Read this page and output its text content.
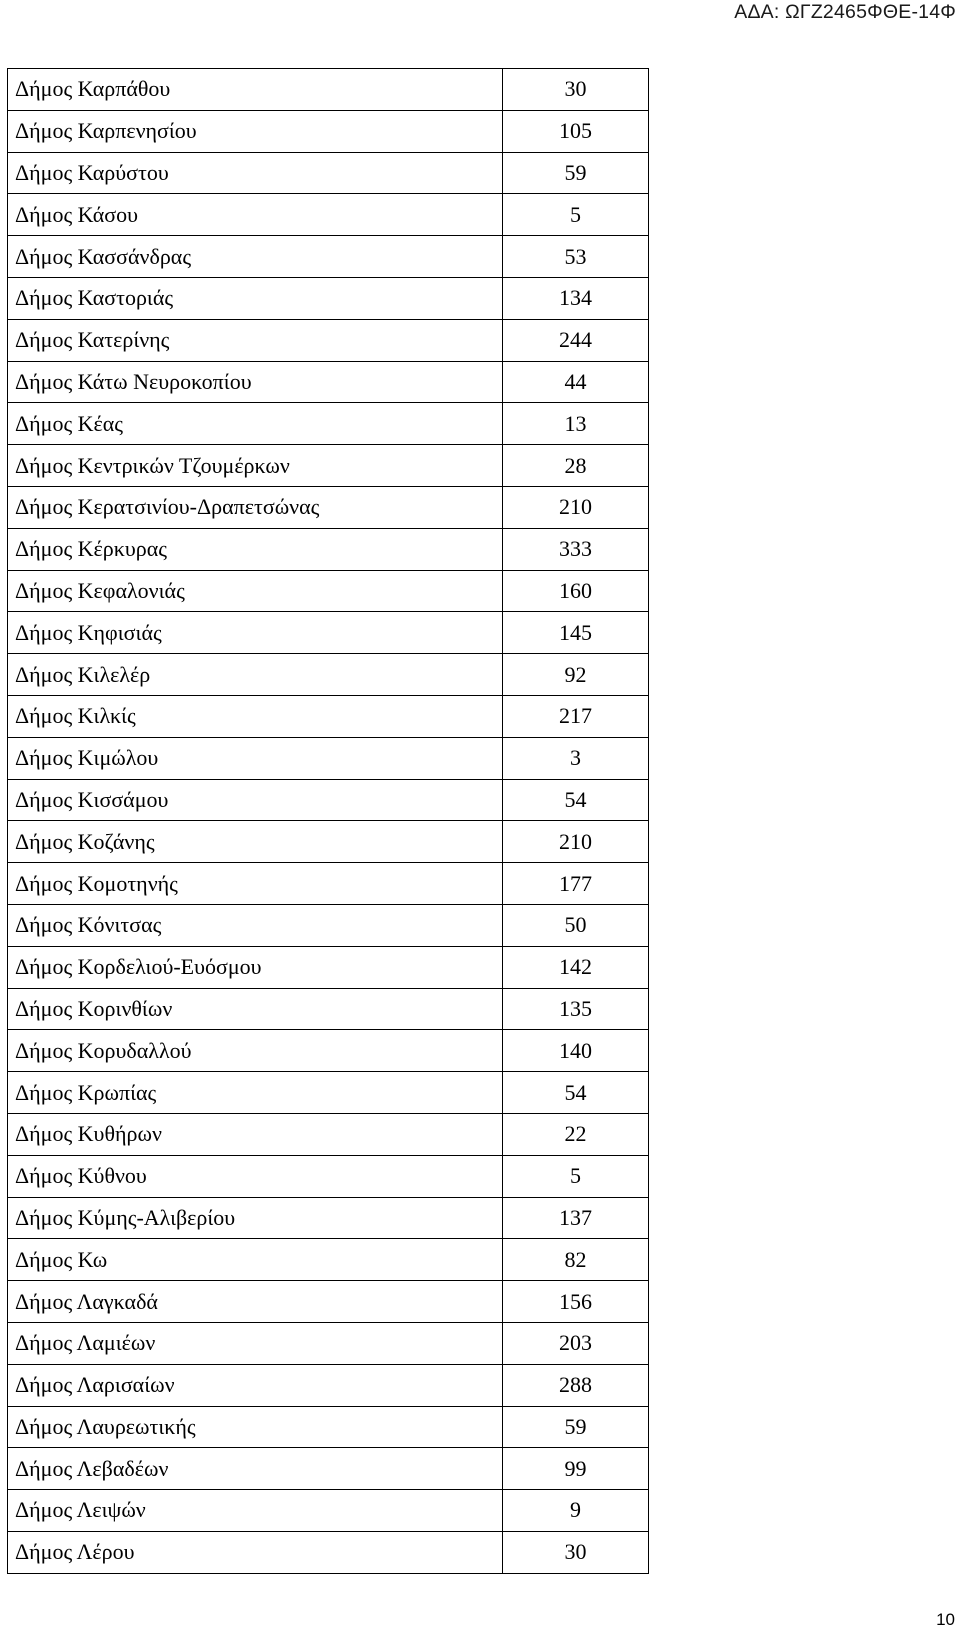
ΑΔΑ: ΩΓΖ2465ΦΘΕ-14Φ
Δήμος Καρπάθου	30
Δήμος Καρπενησίου	105
Δήμος Καρύστου	59
Δήμος Κάσου	5
Δήμος Κασσάνδρας	53
Δήμος Καστοριάς	134
Δήμος Κατερίνης	244
Δήμος Κάτω Νευροκοπίου	44
Δήμος Κέας	13
Δήμος Κεντρικών Τζουμέρκων	28
Δήμος Κερατσινίου-Δραπετσώνας	210
Δήμος Κέρκυρας	333
Δήμος Κεφαλονιάς	160
Δήμος Κηφισιάς	145
Δήμος Κιλελέρ	92
Δήμος Κιλκίς	217
Δήμος Κιμώλου	3
Δήμος Κισσάμου	54
Δήμος Κοζάνης	210
Δήμος Κομοτηνής	177
Δήμος Κόνιτσας	50
Δήμος Κορδελιού-Ευόσμου	142
Δήμος Κορινθίων	135
Δήμος Κορυδαλλού	140
Δήμος Κρωπίας	54
Δήμος Κυθήρων	22
Δήμος Κύθνου	5
Δήμος Κύμης-Αλιβερίου	137
Δήμος Κω	82
Δήμος Λαγκαδά	156
Δήμος Λαμιέων	203
Δήμος Λαρισαίων	288
Δήμος Λαυρεωτικής	59
Δήμος Λεβαδέων	99
Δήμος Λειψών	9
Δήμος Λέρου	30
10
